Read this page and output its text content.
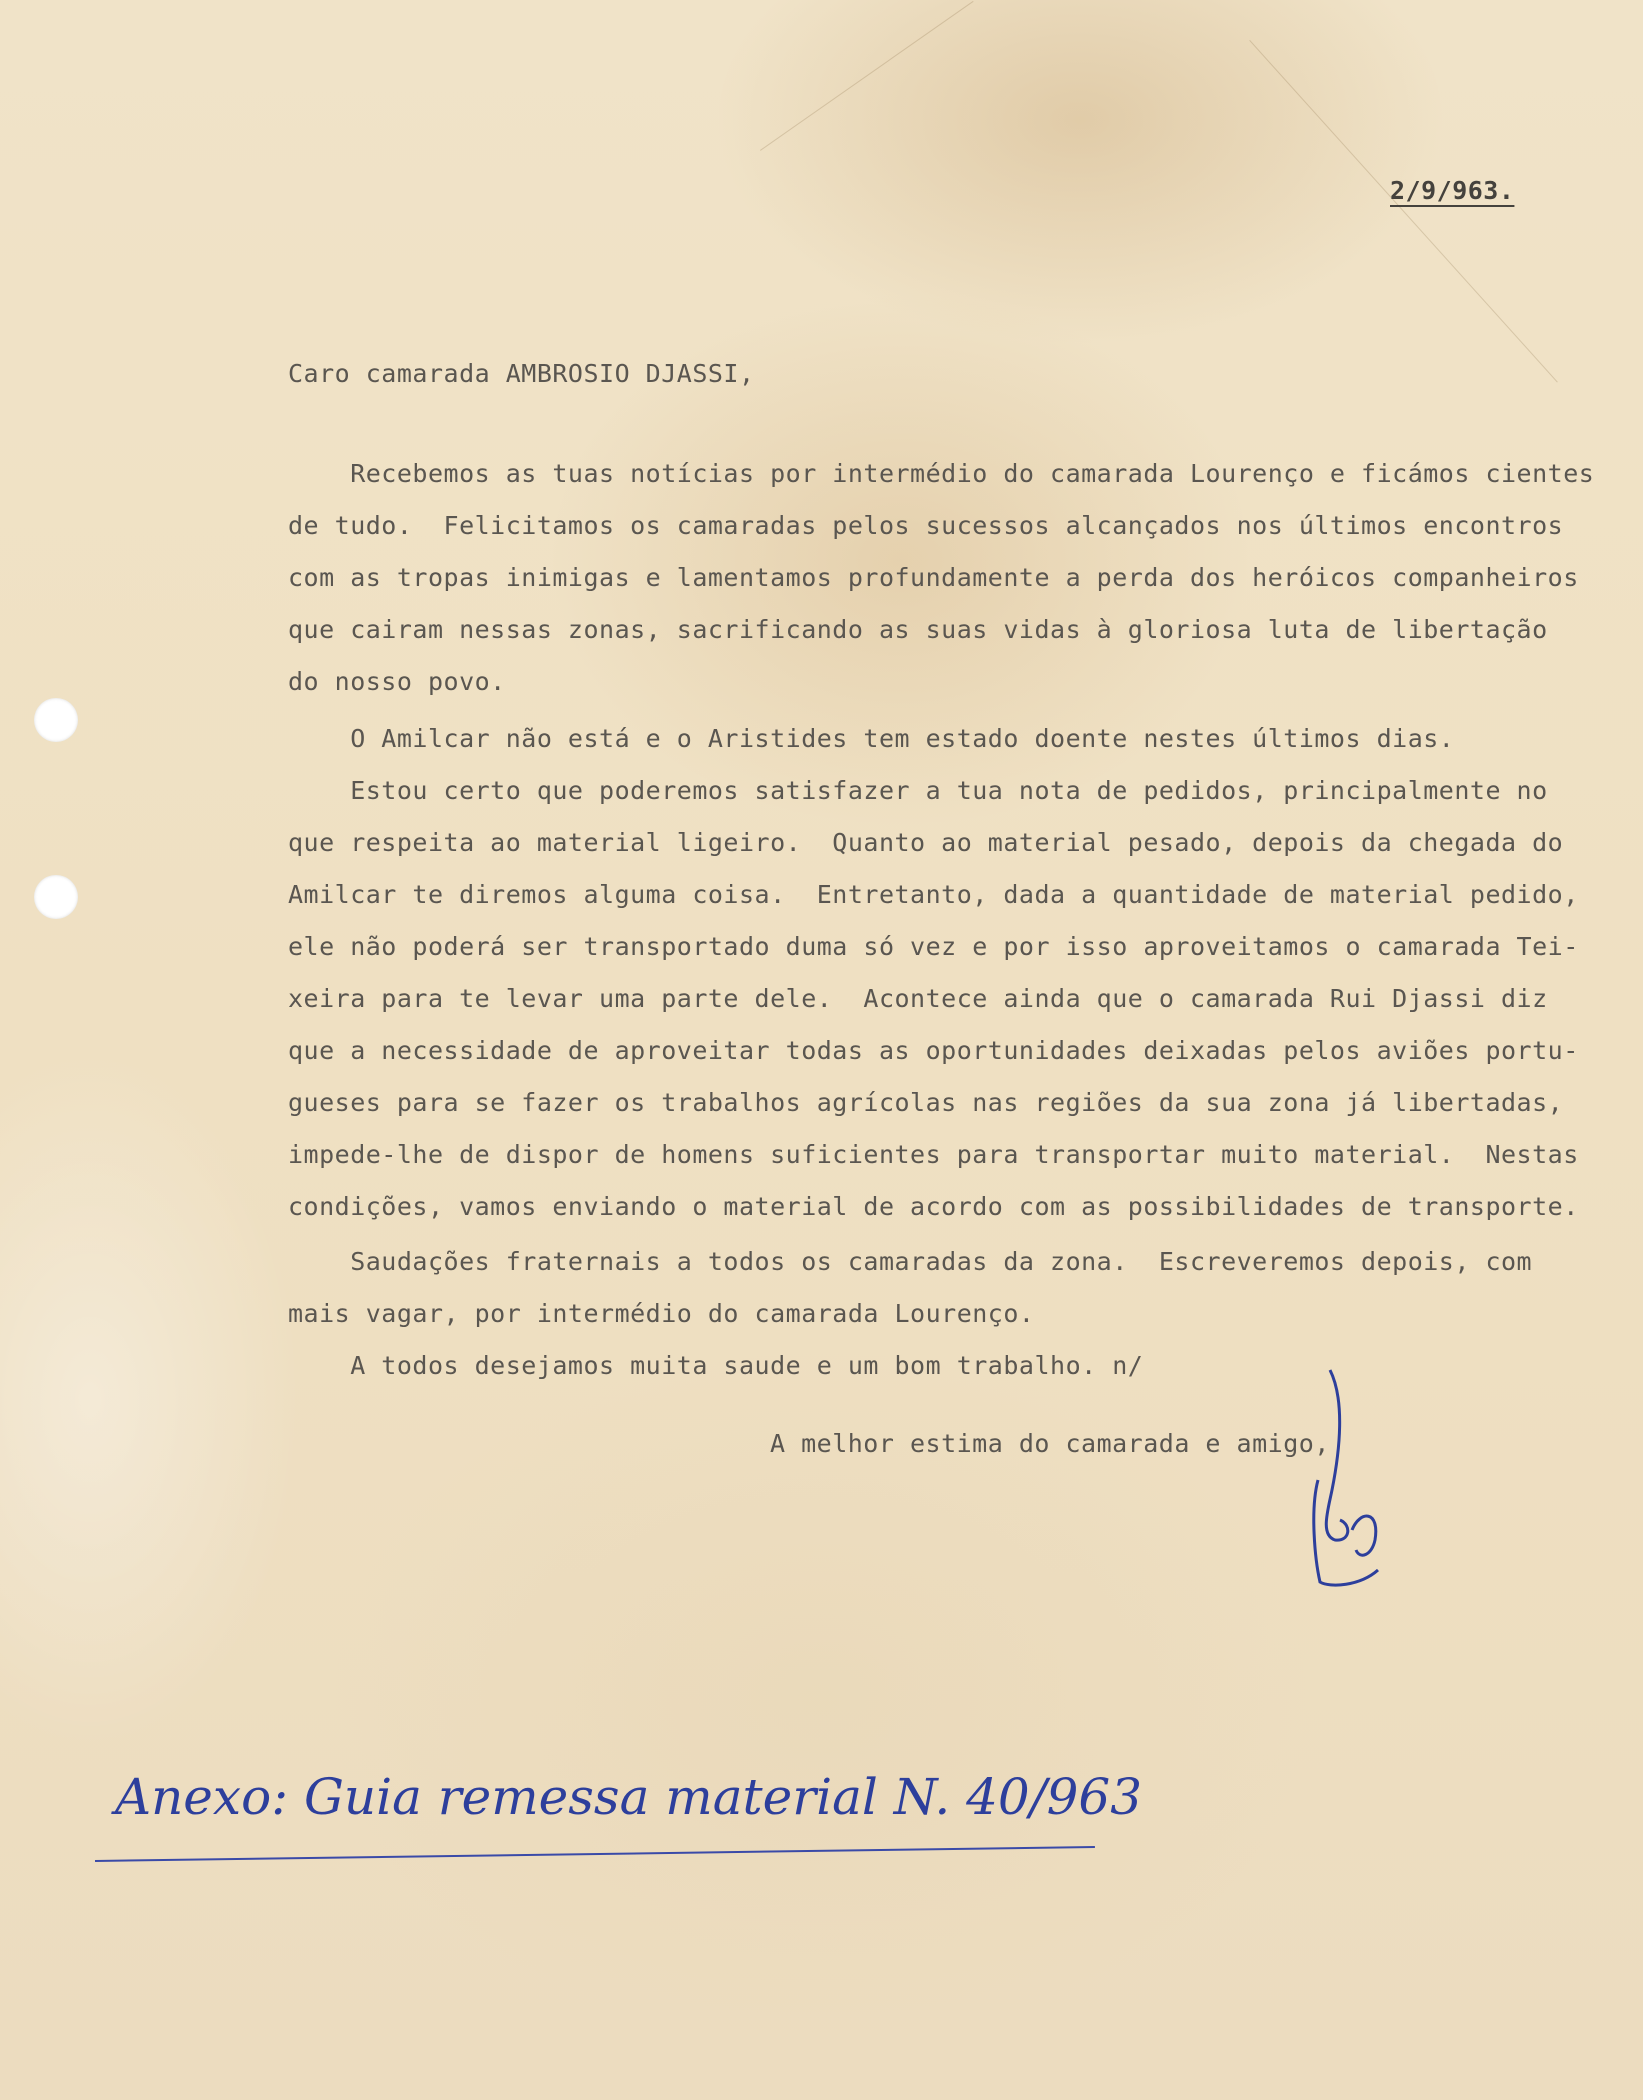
2/9/963.

Caro camarada AMBROSIO DJASSI,

Recebemos as tuas notícias por intermédio do camarada Lourenço e ficámos cientes

de tudo.  Felicitamos os camaradas pelos sucessos alcançados nos últimos encontros

com as tropas inimigas e lamentamos profundamente a perda dos heróicos companheiros

que cairam nessas zonas, sacrificando as suas vidas à gloriosa luta de libertação

do nosso povo.

O Amilcar não está e o Aristides tem estado doente nestes últimos dias.

Estou certo que poderemos satisfazer a tua nota de pedidos, principalmente no

que respeita ao material ligeiro.  Quanto ao material pesado, depois da chegada do

Amilcar te diremos alguma coisa.  Entretanto, dada a quantidade de material pedido,

ele não poderá ser transportado duma só vez e por isso aproveitamos o camarada Tei-

xeira para te levar uma parte dele.  Acontece ainda que o camarada Rui Djassi diz

que a necessidade de aproveitar todas as oportunidades deixadas pelos aviões portu-

gueses para se fazer os trabalhos agrícolas nas regiões da sua zona já libertadas,

impede-lhe de dispor de homens suficientes para transportar muito material.  Nestas

condições, vamos enviando o material de acordo com as possibilidades de transporte.

Saudações fraternais a todos os camaradas da zona.  Escreveremos depois, com

mais vagar, por intermédio do camarada Lourenço.

A todos desejamos muita saude e um bom trabalho. n/

A melhor estima do camarada e amigo,

Anexo: Guia remessa material N. 40/963
